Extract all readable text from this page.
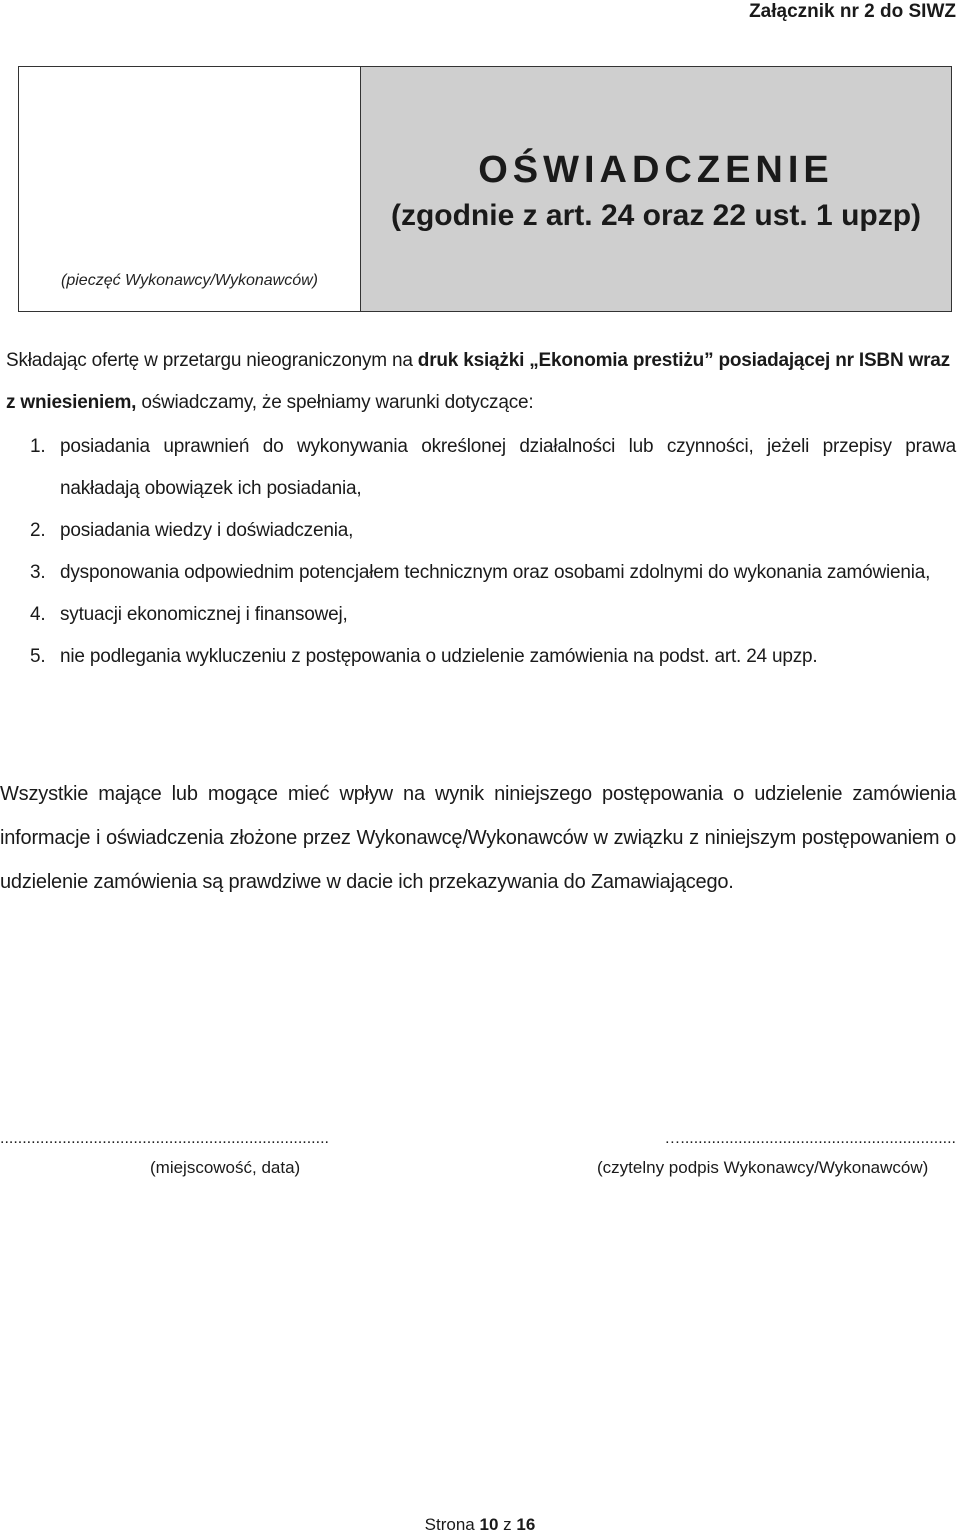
Załącznik nr 2 do SIWZ
(pieczęć Wykonawcy/Wykonawców)
OŚWIADCZENIE
(zgodnie z art. 24 oraz 22 ust. 1 upzp)
Składając ofertę w przetargu nieograniczonym na druk książki „Ekonomia prestiżu” posiadającej nr ISBN wraz z wniesieniem, oświadczamy, że spełniamy warunki dotyczące:
1. posiadania uprawnień do wykonywania określonej działalności lub czynności, jeżeli przepisy prawa nakładają obowiązek ich posiadania,
2. posiadania wiedzy i doświadczenia,
3. dysponowania odpowiednim potencjałem technicznym oraz osobami zdolnymi do wykonania zamówienia,
4. sytuacji ekonomicznej i finansowej,
5. nie podlegania wykluczeniu z postępowania o udzielenie zamówienia na podst. art. 24 upzp.
Wszystkie mające lub mogące mieć wpływ na wynik niniejszego postępowania o udzielenie zamówienia informacje i oświadczenia złożone przez Wykonawcę/Wykonawców w związku z niniejszym postępowaniem o udzielenie zamówienia są prawdziwe w dacie ich przekazywania do Zamawiającego.
..........................................................................	…..............................................................
(miejscowość, data)	(czytelny podpis Wykonawcy/Wykonawców)
Strona 10 z 16
